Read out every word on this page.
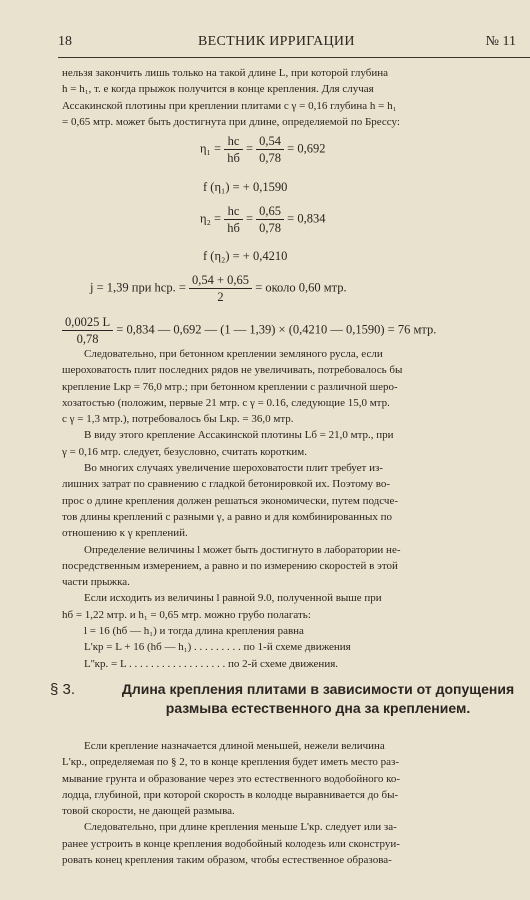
18	ВЕСТНИК ИРРИГАЦИИ	№ 11
нельзя закончить лишь только на такой длине L, при которой глубина
h = h₁, т. е когда прыжок получится в конце крепления. Для случая
Ассакинской плотины при креплении плитами с γ = 0,16 глубина h = h₁
= 0,65 мтр. может быть достигнута при длине, определяемой по Брессу:
$\eta_1 = \frac{hc}{hб} = \frac{0,54}{0,78} = 0,692$
f (η₁) = + 0,1590
$\eta_2 = \frac{hc}{hб} = \frac{0,65}{0,78} = 0,834$
f (η₂) = + 0,4210
j = 1,39 при hср. = $\frac{0,54 + 0,65}{2}$ = около 0,60 мтр.
$\frac{0,0025 L}{0,78} = 0,834$ — 0,692 — (1 — 1,39) × (0,4210 — 0,1590) = 76 мтр.
Следовательно, при бетонном креплении земляного русла, если
шероховатость плит последних рядов не увеличивать, потребовалось бы
крепление Lкр = 76,0 мтр.; при бетонном креплении с различной шеро-
хозатостью (положим, первые 21 мтр. с γ = 0.16, следующие 15,0 мтр.
с γ = 1,3 мтр.), потребовалось бы Lкр. = 36,0 мтр.
В виду этого крепление Ассакинской плотины Lб = 21,0 мтр., при
γ = 0,16 мтр. следует, безусловно, считать коротким.
Во многих случаях увеличение шероховатости плит требует из-
лишних затрат по сравнению с гладкой бетонировкой их. Поэтому во-
прос о длине крепления должен решаться экономически, путем подсче-
тов длины креплений с разными γ, а равно и для комбинированных по
отношению к γ креплений.
Определение величины l может быть достигнуто в лаборатории не-
посредственным измерением, а равно и по измерению скоростей в этой
части прыжка.
Если исходить из величины l равной 9.0, полученной выше при
hб = 1,22 мтр. и h₁ = 0,65 мтр. можно грубо полагать:
l = 16 (hб — h₁) и тогда длина крепления равна
L'кр = L + 16 (hб — h₁) . . . . . . . . . по 1-й схеме движения
L''кр. = L . . . . . . . . . . . . . . . . . . по 2-й схеме движения.
§ 3.	Длина крепления плитами в зависимости от допущения
размыва естественного дна за креплением.
Если крепление назначается длиной меньшей, нежели величина
L'кр., определяемая по § 2, то в конце крепления будет иметь место раз-
мывание грунта и образование через это естественного водобойного ко-
лодца, глубиной, при которой скорость в колодце выравнивается до бы-
товой скорости, не дающей размыва.
Следовательно, при длине крепления меньше L'кр. следует или за-
ранее устроить в конце крепления водобойный колодезь или сконструи-
ровать конец крепления таким образом, чтобы естественное образова-
